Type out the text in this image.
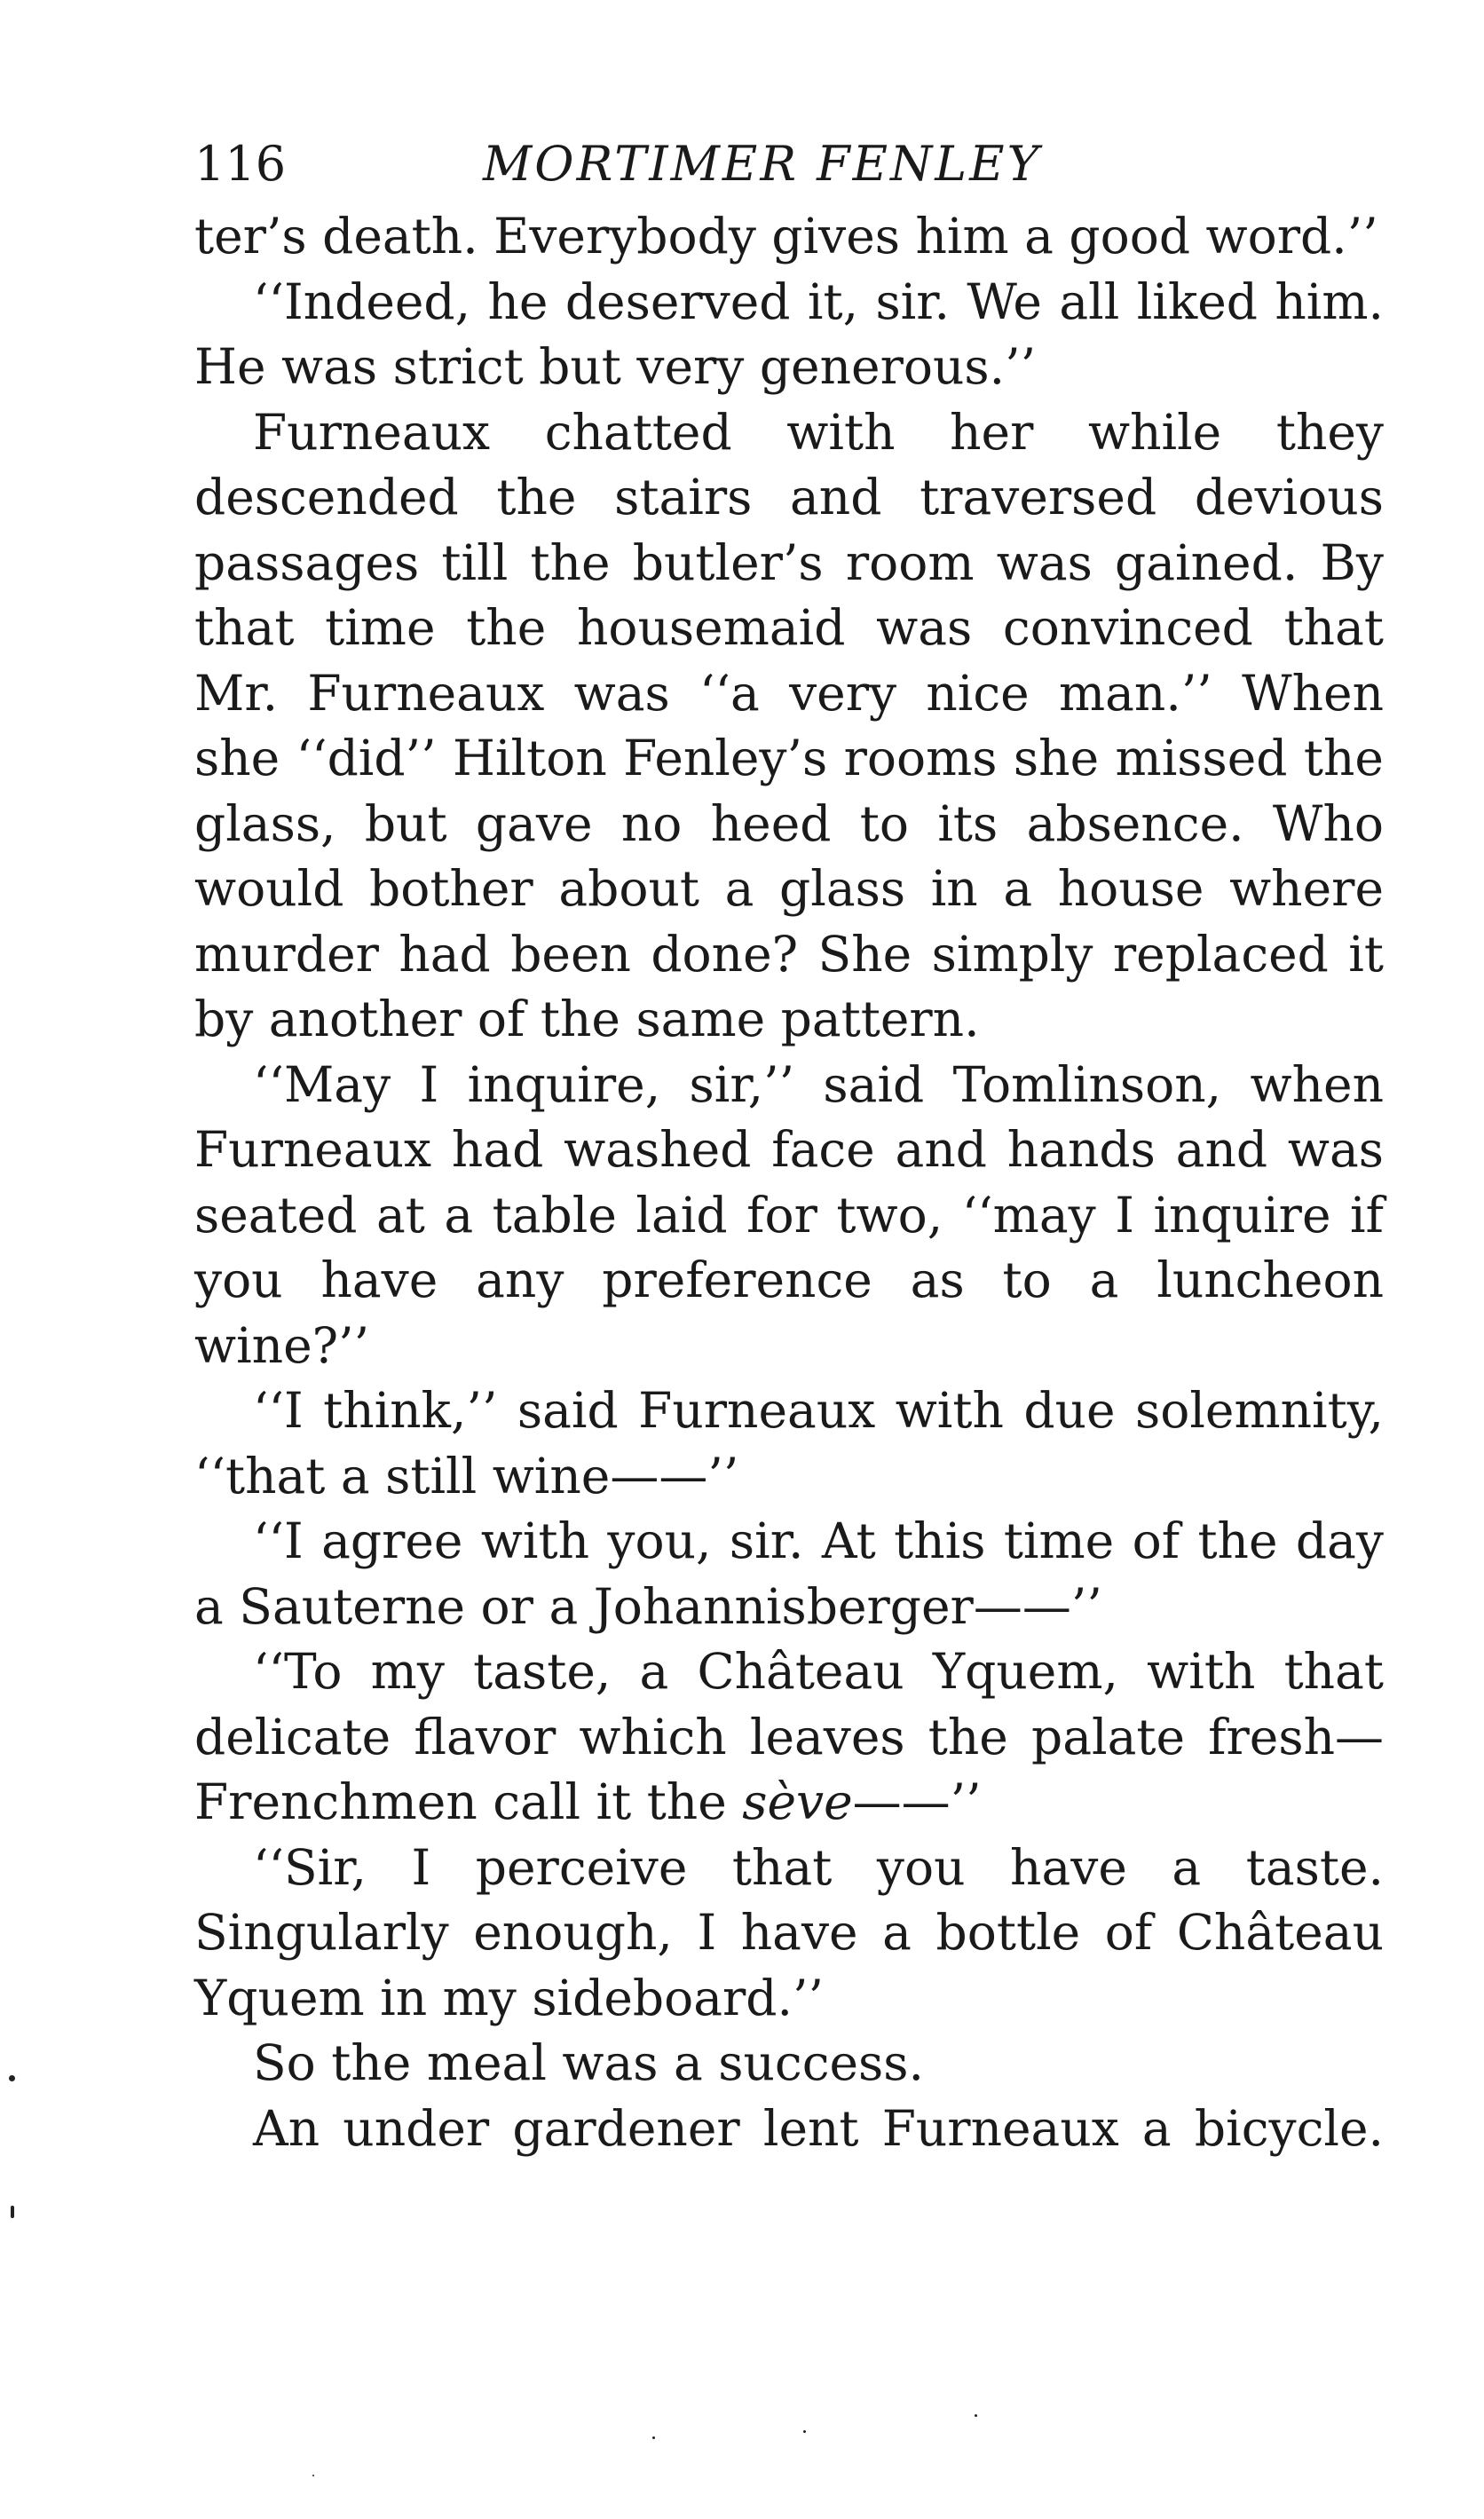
116	MORTIMER FENLEY

ter’s death. Everybody gives him a good word.’’

‘‘Indeed, he deserved it, sir. We all liked him. He was strict but very generous.’’

Furneaux chatted with her while they descended the stairs and traversed devious passages till the butler’s room was gained. By that time the housemaid was convinced that Mr. Furneaux was ‘‘a very nice man.’’ When she ‘‘did’’ Hilton Fenley’s rooms she missed the glass, but gave no heed to its absence. Who would bother about a glass in a house where murder had been done? She simply replaced it by another of the same pattern.

‘‘May I inquire, sir,’’ said Tomlinson, when Furneaux had washed face and hands and was seated at a table laid for two, ‘‘may I inquire if you have any preference as to a luncheon wine?’’

‘‘I think,’’ said Furneaux with due solemnity, ‘‘that a still wine——’’

‘‘I agree with you, sir. At this time of the day a Sauterne or a Johannisberger——’’

‘‘To my taste, a Château Yquem, with that delicate flavor which leaves the palate fresh—Frenchmen call it the sève——’’

‘‘Sir, I perceive that you have a taste. Singularly enough, I have a bottle of Château Yquem in my sideboard.’’

So the meal was a success.

An under gardener lent Furneaux a bicycle.
